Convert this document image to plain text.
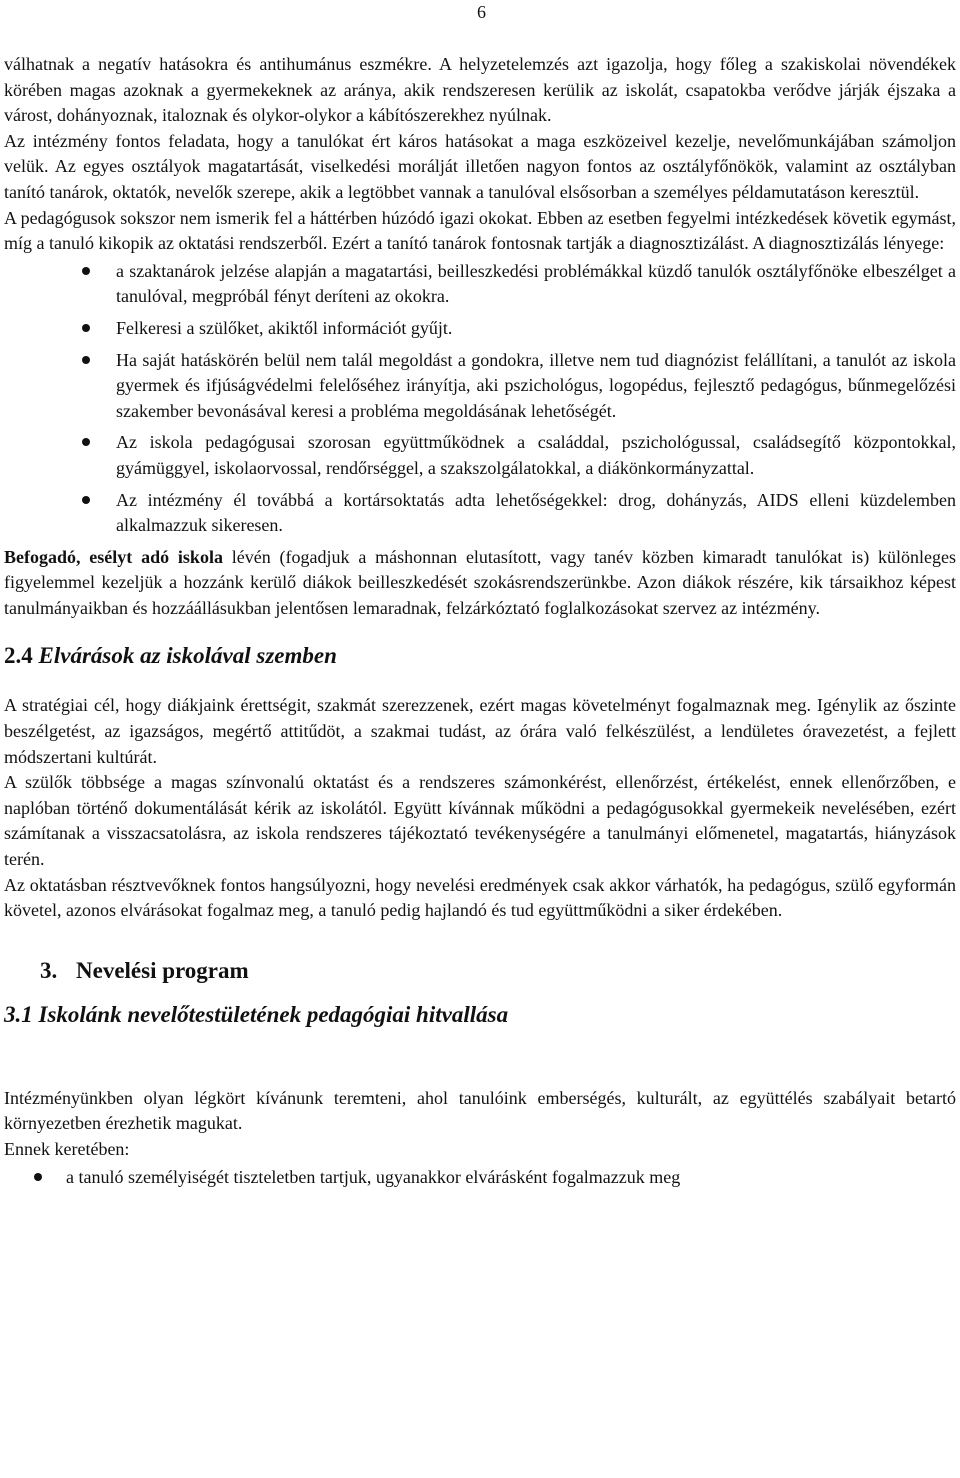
6

válhatnak a negatív hatásokra és antihumánus eszmékre. A helyzetelemzés azt igazolja, hogy főleg a szakiskolai növendékek körében magas azoknak a gyermekeknek az aránya, akik rendszeresen kerülik az iskolát, csapatokba verődve járják éjszaka a várost, dohányoznak, italoznak és olykor-olykor a kábítószerekhez nyúlnak.

Az intézmény fontos feladata, hogy a tanulókat ért káros hatásokat a maga eszközeivel kezelje, nevelőmunkájában számoljon velük. Az egyes osztályok magatartását, viselkedési morálját illetően nagyon fontos az osztályfőnökök, valamint az osztályban tanító tanárok, oktatók, nevelők szerepe, akik a legtöbbet vannak a tanulóval elsősorban a személyes példamutatáson keresztül.

A pedagógusok sokszor nem ismerik fel a háttérben húzódó igazi okokat. Ebben az esetben fegyelmi intézkedések követik egymást, míg a tanuló kikopik az oktatási rendszerből. Ezért a tanító tanárok fontosnak tartják a diagnosztizálást. A diagnosztizálás lényege:

a szaktanárok jelzése alapján a magatartási, beilleszkedési problémákkal küzdő tanulók osztályfőnöke elbeszélget a tanulóval, megpróbál fényt deríteni az okokra.
Felkeresi a szülőket, akiktől információt gyűjt.
Ha saját hatáskörén belül nem talál megoldást a gondokra, illetve nem tud diagnózist felállítani, a tanulót az iskola gyermek és ifjúságvédelmi felelőséhez irányítja, aki pszichológus, logopédus, fejlesztő pedagógus, bűnmegelőzési szakember bevonásával keresi a probléma megoldásának lehetőségét.
Az iskola pedagógusai szorosan együttműködnek a családdal, pszichológussal, családsegítő központokkal, gyámüggyel, iskolaorvossal, rendőrséggel, a szakszolgálatokkal, a diákönkormányzattal.
Az intézmény él továbbá a kortársoktatás adta lehetőségekkel: drog, dohányzás, AIDS elleni küzdelemben alkalmazzuk sikeresen.

Befogadó, esélyt adó iskola lévén (fogadjuk a máshonnan elutasított, vagy tanév közben kimaradt tanulókat is) különleges figyelemmel kezeljük a hozzánk kerülő diákok beilleszkedését szokásrendszerünkbe. Azon diákok részére, kik társaikhoz képest tanulmányaikban és hozzáállásukban jelentősen lemaradnak, felzárkóztató foglalkozásokat szervez az intézmény.

2.4 Elvárások az iskolával szemben

A stratégiai cél, hogy diákjaink érettségit, szakmát szerezzenek, ezért magas követelményt fogalmaznak meg. Igénylik az őszinte beszélgetést, az igazságos, megértő attitűdöt, a szakmai tudást, az órára való felkészülést, a lendületes óravezetést, a fejlett módszertani kultúrát.

A szülők többsége a magas színvonalú oktatást és a rendszeres számonkérést, ellenőrzést, értékelést, ennek ellenőrzőben, e naplóban történő dokumentálását kérik az iskolától. Együtt kívánnak működni a pedagógusokkal gyermekeik nevelésében, ezért számítanak a visszacsatolásra, az iskola rendszeres tájékoztató tevékenységére a tanulmányi előmenetel, magatartás, hiányzások terén.

Az oktatásban résztvevőknek fontos hangsúlyozni, hogy nevelési eredmények csak akkor várhatók, ha pedagógus, szülő egyformán követel, azonos elvárásokat fogalmaz meg, a tanuló pedig hajlandó és tud együttműködni a siker érdekében.

3. Nevelési program
3.1 Iskolánk nevelőtestületének pedagógiai hitvallása

Intézményünkben olyan légkört kívánunk teremteni, ahol tanulóink emberségés, kulturált, az együttélés szabályait betartó környezetben érezhetik magukat.

Ennek keretében:

a tanuló személyiségét tiszteletben tartjuk, ugyanakkor elvárásként fogalmazzuk meg
